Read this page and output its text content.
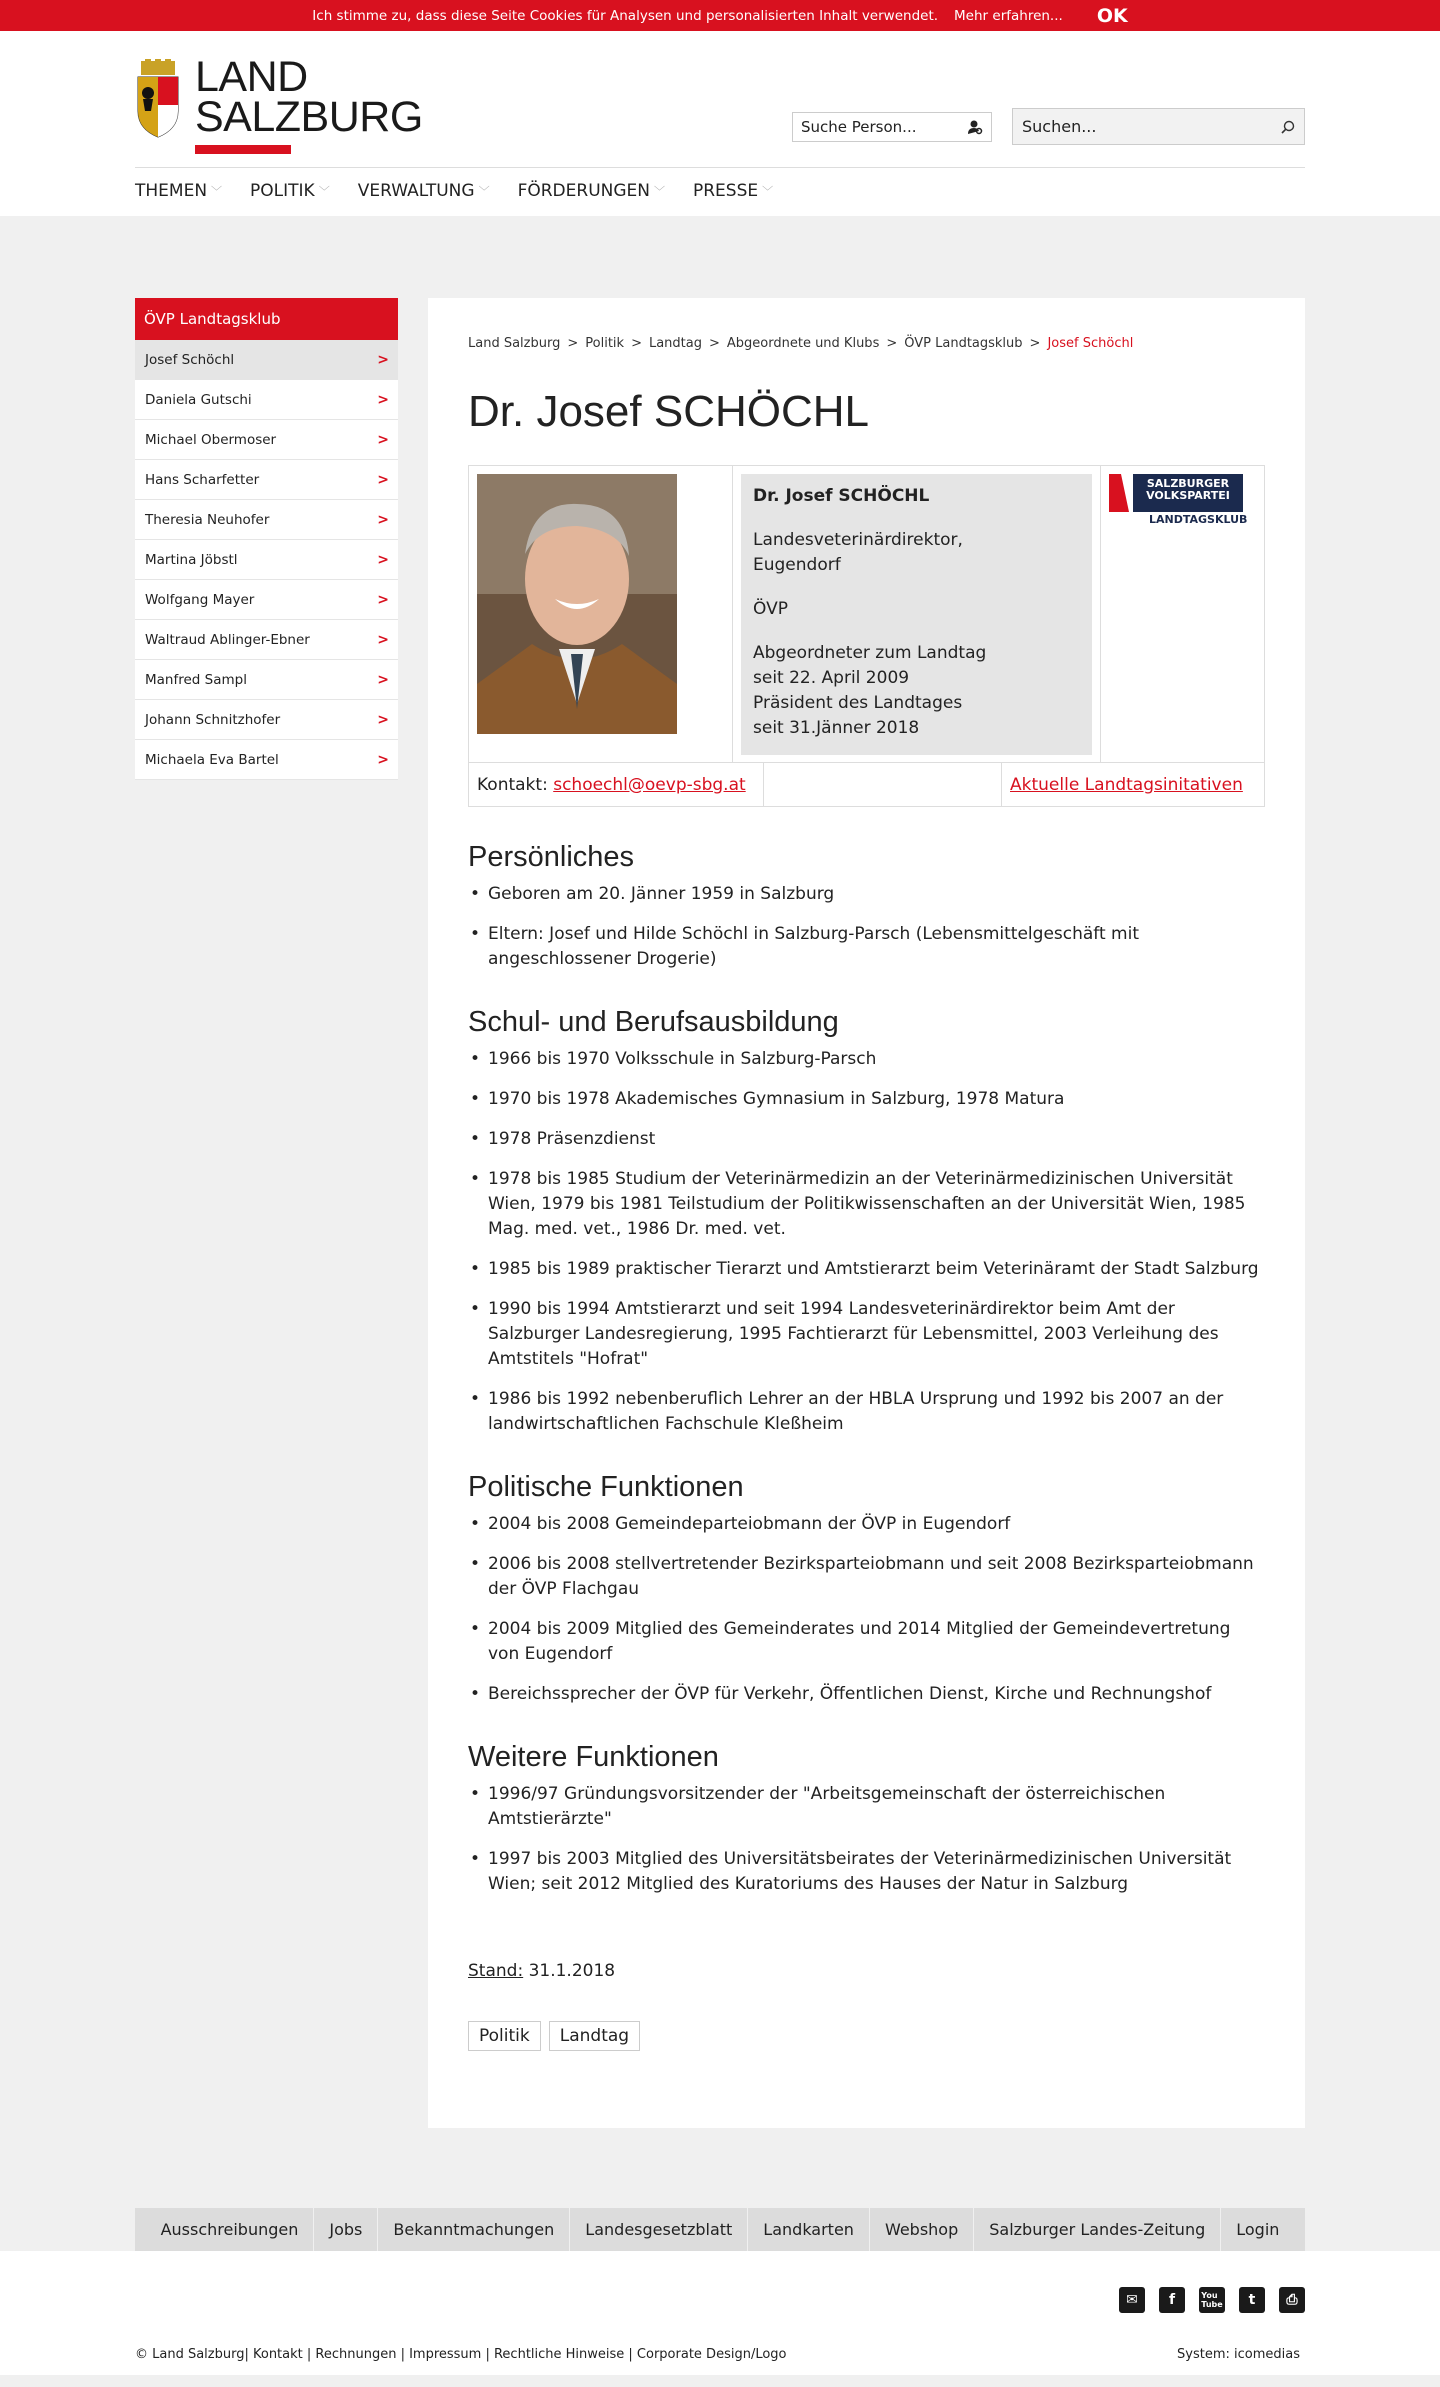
Ich stimme zu, dass diese Seite Cookies für Analysen und personalisierten Inhalt verwendet. Mehr erfahren... OK
LAND
SALZBURG	Suche Person...	Suchen...
THEMEN ﹀ POLITIK ﹀ VERWALTUNG ﹀ FÖRDERUNGEN ﹀ PRESSE ﹀
ÖVP Landtagsklub
Josef Schöchl	>
Daniela Gutschi	>
Michael Obermoser	>
Hans Scharfetter	>
Theresia Neuhofer	>
Martina Jöbstl	>
Wolfgang Mayer	>
Waltraud Ablinger-Ebner	>
Manfred Sampl	>
Johann Schnitzhofer	>
Michaela Eva Bartel	>
Land Salzburg > Politik > Landtag > Abgeordnete und Klubs > ÖVP Landtagsklub > Josef Schöchl
Dr. Josef SCHÖCHL

Dr. Josef SCHÖCHL

Landesveterinärdirektor,
Eugendorf

ÖVP

Abgeordneter zum Landtag
seit 22. April 2009
Präsident des Landtages
seit 31.Jänner 2018

SALZBURGER
VOLKSPARTEI
LANDTAGSKLUB
Kontakt:
schoechl@oevp-sbg.at	Aktuelle Landtagsinitativen
Persönliches
• Geboren am 20. Jänner 1959 in Salzburg
• Eltern: Josef und Hilde Schöchl in Salzburg-Parsch (Lebensmittelgeschäft mit angeschlossener Drogerie)
Schul- und Berufsausbildung
• 1966 bis 1970 Volksschule in Salzburg-Parsch
• 1970 bis 1978 Akademisches Gymnasium in Salzburg, 1978 Matura
• 1978 Präsenzdienst
• 1978 bis 1985 Studium der Veterinärmedizin an der Veterinärmedizinischen Universität Wien, 1979 bis 1981 Teilstudium der Politikwissenschaften an der Universität Wien, 1985 Mag. med. vet., 1986 Dr. med. vet.
• 1985 bis 1989 praktischer Tierarzt und Amtstierarzt beim Veterinäramt der Stadt Salzburg
• 1990 bis 1994 Amtstierarzt und seit 1994 Landesveterinärdirektor beim Amt der Salzburger Landesregierung, 1995 Fachtierarzt für Lebensmittel, 2003 Verleihung des Amtstitels "Hofrat"
• 1986 bis 1992 nebenberuflich Lehrer an der HBLA Ursprung und 1992 bis 2007 an der landwirtschaftlichen Fachschule Kleßheim
Politische Funktionen
• 2004 bis 2008 Gemeindeparteiobmann der ÖVP in Eugendorf
• 2006 bis 2008 stellvertretender Bezirksparteiobmann und seit 2008 Bezirksparteiobmann der ÖVP Flachgau
• 2004 bis 2009 Mitglied des Gemeinderates und 2014 Mitglied der Gemeindevertretung von Eugendorf
• Bereichssprecher der ÖVP für Verkehr, Öffentlichen Dienst, Kirche und Rechnungshof
Weitere Funktionen
• 1996/97 Gründungsvorsitzender der "Arbeitsgemeinschaft der österreichischen Amtstierärzte"
• 1997 bis 2003 Mitglied des Universitätsbeirates der Veterinärmedizinischen Universität Wien; seit 2012 Mitglied des Kuratoriums des Hauses der Natur in Salzburg
Stand: 31.1.2018
Politik	Landtag
Ausschreibungen	Jobs	Bekanntmachungen	Landesgesetzblatt	Landkarten	Webshop	Salzburger Landes-Zeitung	Login
✉	f	You
Tube	t	⎙
© Land Salzburg| Kontakt | Rechnungen | Impressum | Rechtliche Hinweise | Corporate Design/Logo	System: icomedias
